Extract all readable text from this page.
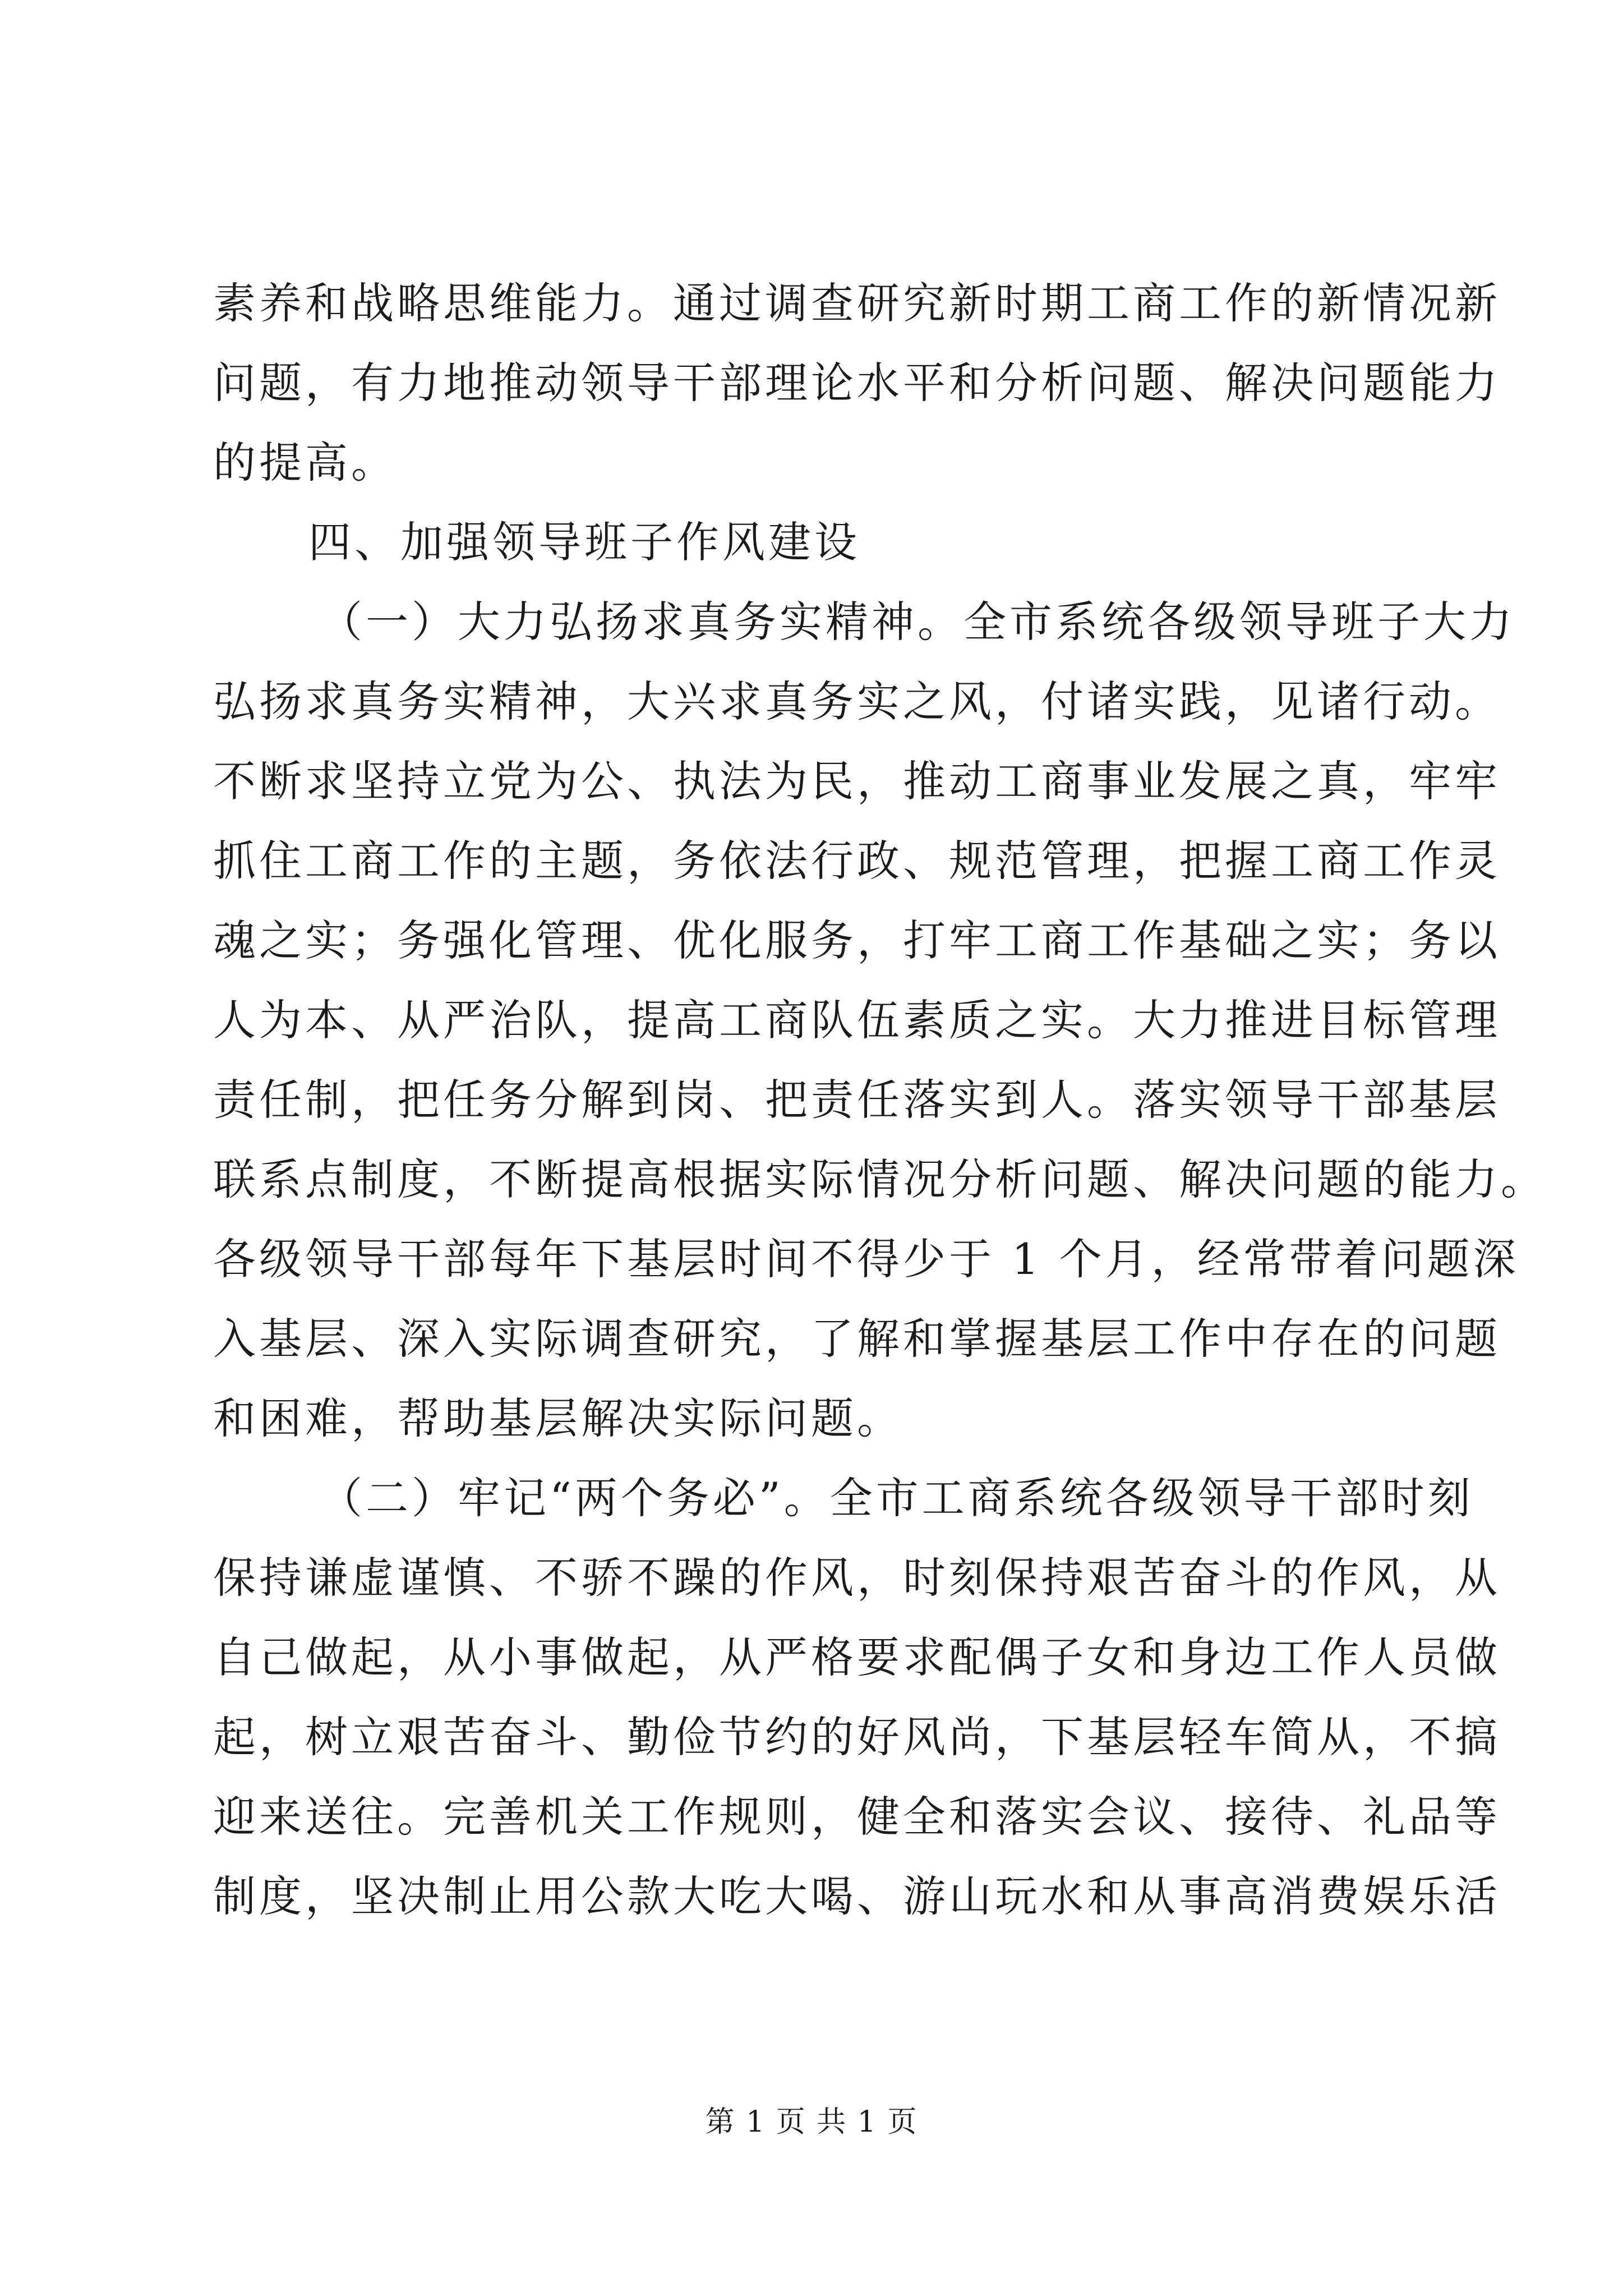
素养和战略思维能力。通过调查研究新时期工商工作的新情况新
问题，有力地推动领导干部理论水平和分析问题、解决问题能力
的提高。
四、加强领导班子作风建设
（一）大力弘扬求真务实精神。全市系统各级领导班子大力
弘扬求真务实精神，大兴求真务实之风，付诸实践，见诸行动。
不断求坚持立党为公、执法为民，推动工商事业发展之真，牢牢
抓住工商工作的主题，务依法行政、规范管理，把握工商工作灵
魂之实；务强化管理、优化服务，打牢工商工作基础之实；务以
人为本、从严治队，提高工商队伍素质之实。大力推进目标管理
责任制，把任务分解到岗、把责任落实到人。落实领导干部基层
联系点制度，不断提高根据实际情况分析问题、解决问题的能力。
各级领导干部每年下基层时间不得少于 1 个月，经常带着问题深
入基层、深入实际调查研究，了解和掌握基层工作中存在的问题
和困难，帮助基层解决实际问题。
（二）牢记“两个务必”。全市工商系统各级领导干部时刻
保持谦虚谨慎、不骄不躁的作风，时刻保持艰苦奋斗的作风，从
自己做起，从小事做起，从严格要求配偶子女和身边工作人员做
起，树立艰苦奋斗、勤俭节约的好风尚，下基层轻车简从，不搞
迎来送往。完善机关工作规则，健全和落实会议、接待、礼品等
制度，坚决制止用公款大吃大喝、游山玩水和从事高消费娱乐活
第 1 页 共 1 页
